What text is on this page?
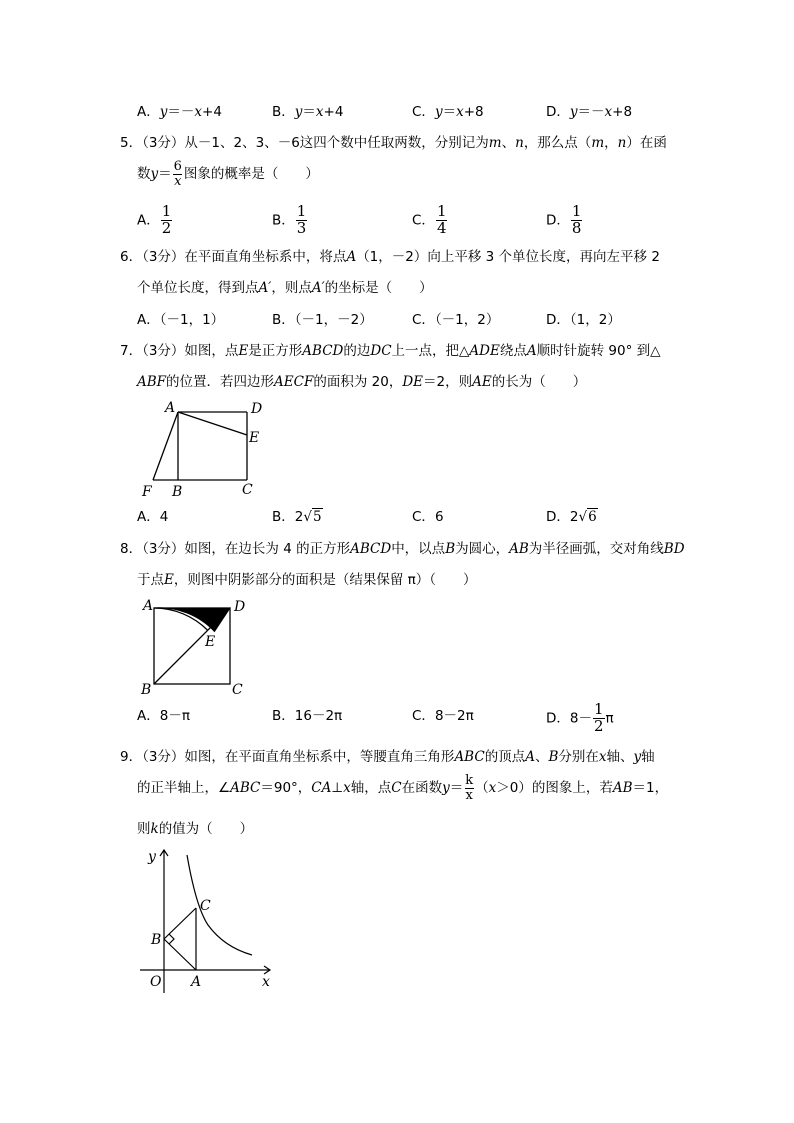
A．y＝－x+4	B．y＝x+4	C．y＝x+8	D．y＝－x+8
5．（3分）从－1、2、3、－6这四个数中任取两数，分别记为m、n，那么点（m，n）在函
数$y= \frac{6}{x}$ 图象的概率是（　　）
A． $\frac{1}{2}$	B． $\frac{1}{3}$	C． $\frac{1}{4}$	D． $\frac{1}{8}$
6．（3分）在平面直角坐标系中，将点A（1，－2）向上平移 3 个单位长度，再向左平移 2
个单位长度，得到点A′，则点A′的坐标是（　　）
A．（－1，1）	B．（－1，－2）	C．（－1，2）	D．（1，2）
7．（3分）如图，点E是正方形ABCD的边DC上一点，把△ADE绕点A顺时针旋转 90° 到△
ABF的位置．若四边形AECF的面积为 20，DE＝2，则AE的长为（　　）
A	D
E
F B	C
A．4	B．2√5	C．6	D．2√6
8．（3分）如图，在边长为 4 的正方形ABCD中，以点B为圆心，AB为半径画弧，交对角线BD
于点E，则图中阴影部分的面积是（结果保留 π）（　　）
A	D
E
B	C
A．8－π	B．16－2π	C．8－2π	D．$8- \frac{1}{2}$ π
9．（3分）如图，在平面直角坐标系中，等腰直角三角形ABC的顶点A、B分别在x轴、y轴
的正半轴上，∠ABC＝90°，CA⊥x轴，点C在函数$y= \frac{k}{x} (x>0)$的图象上，若AB＝1，
则k的值为（　　）
y
B
C
O A	x
